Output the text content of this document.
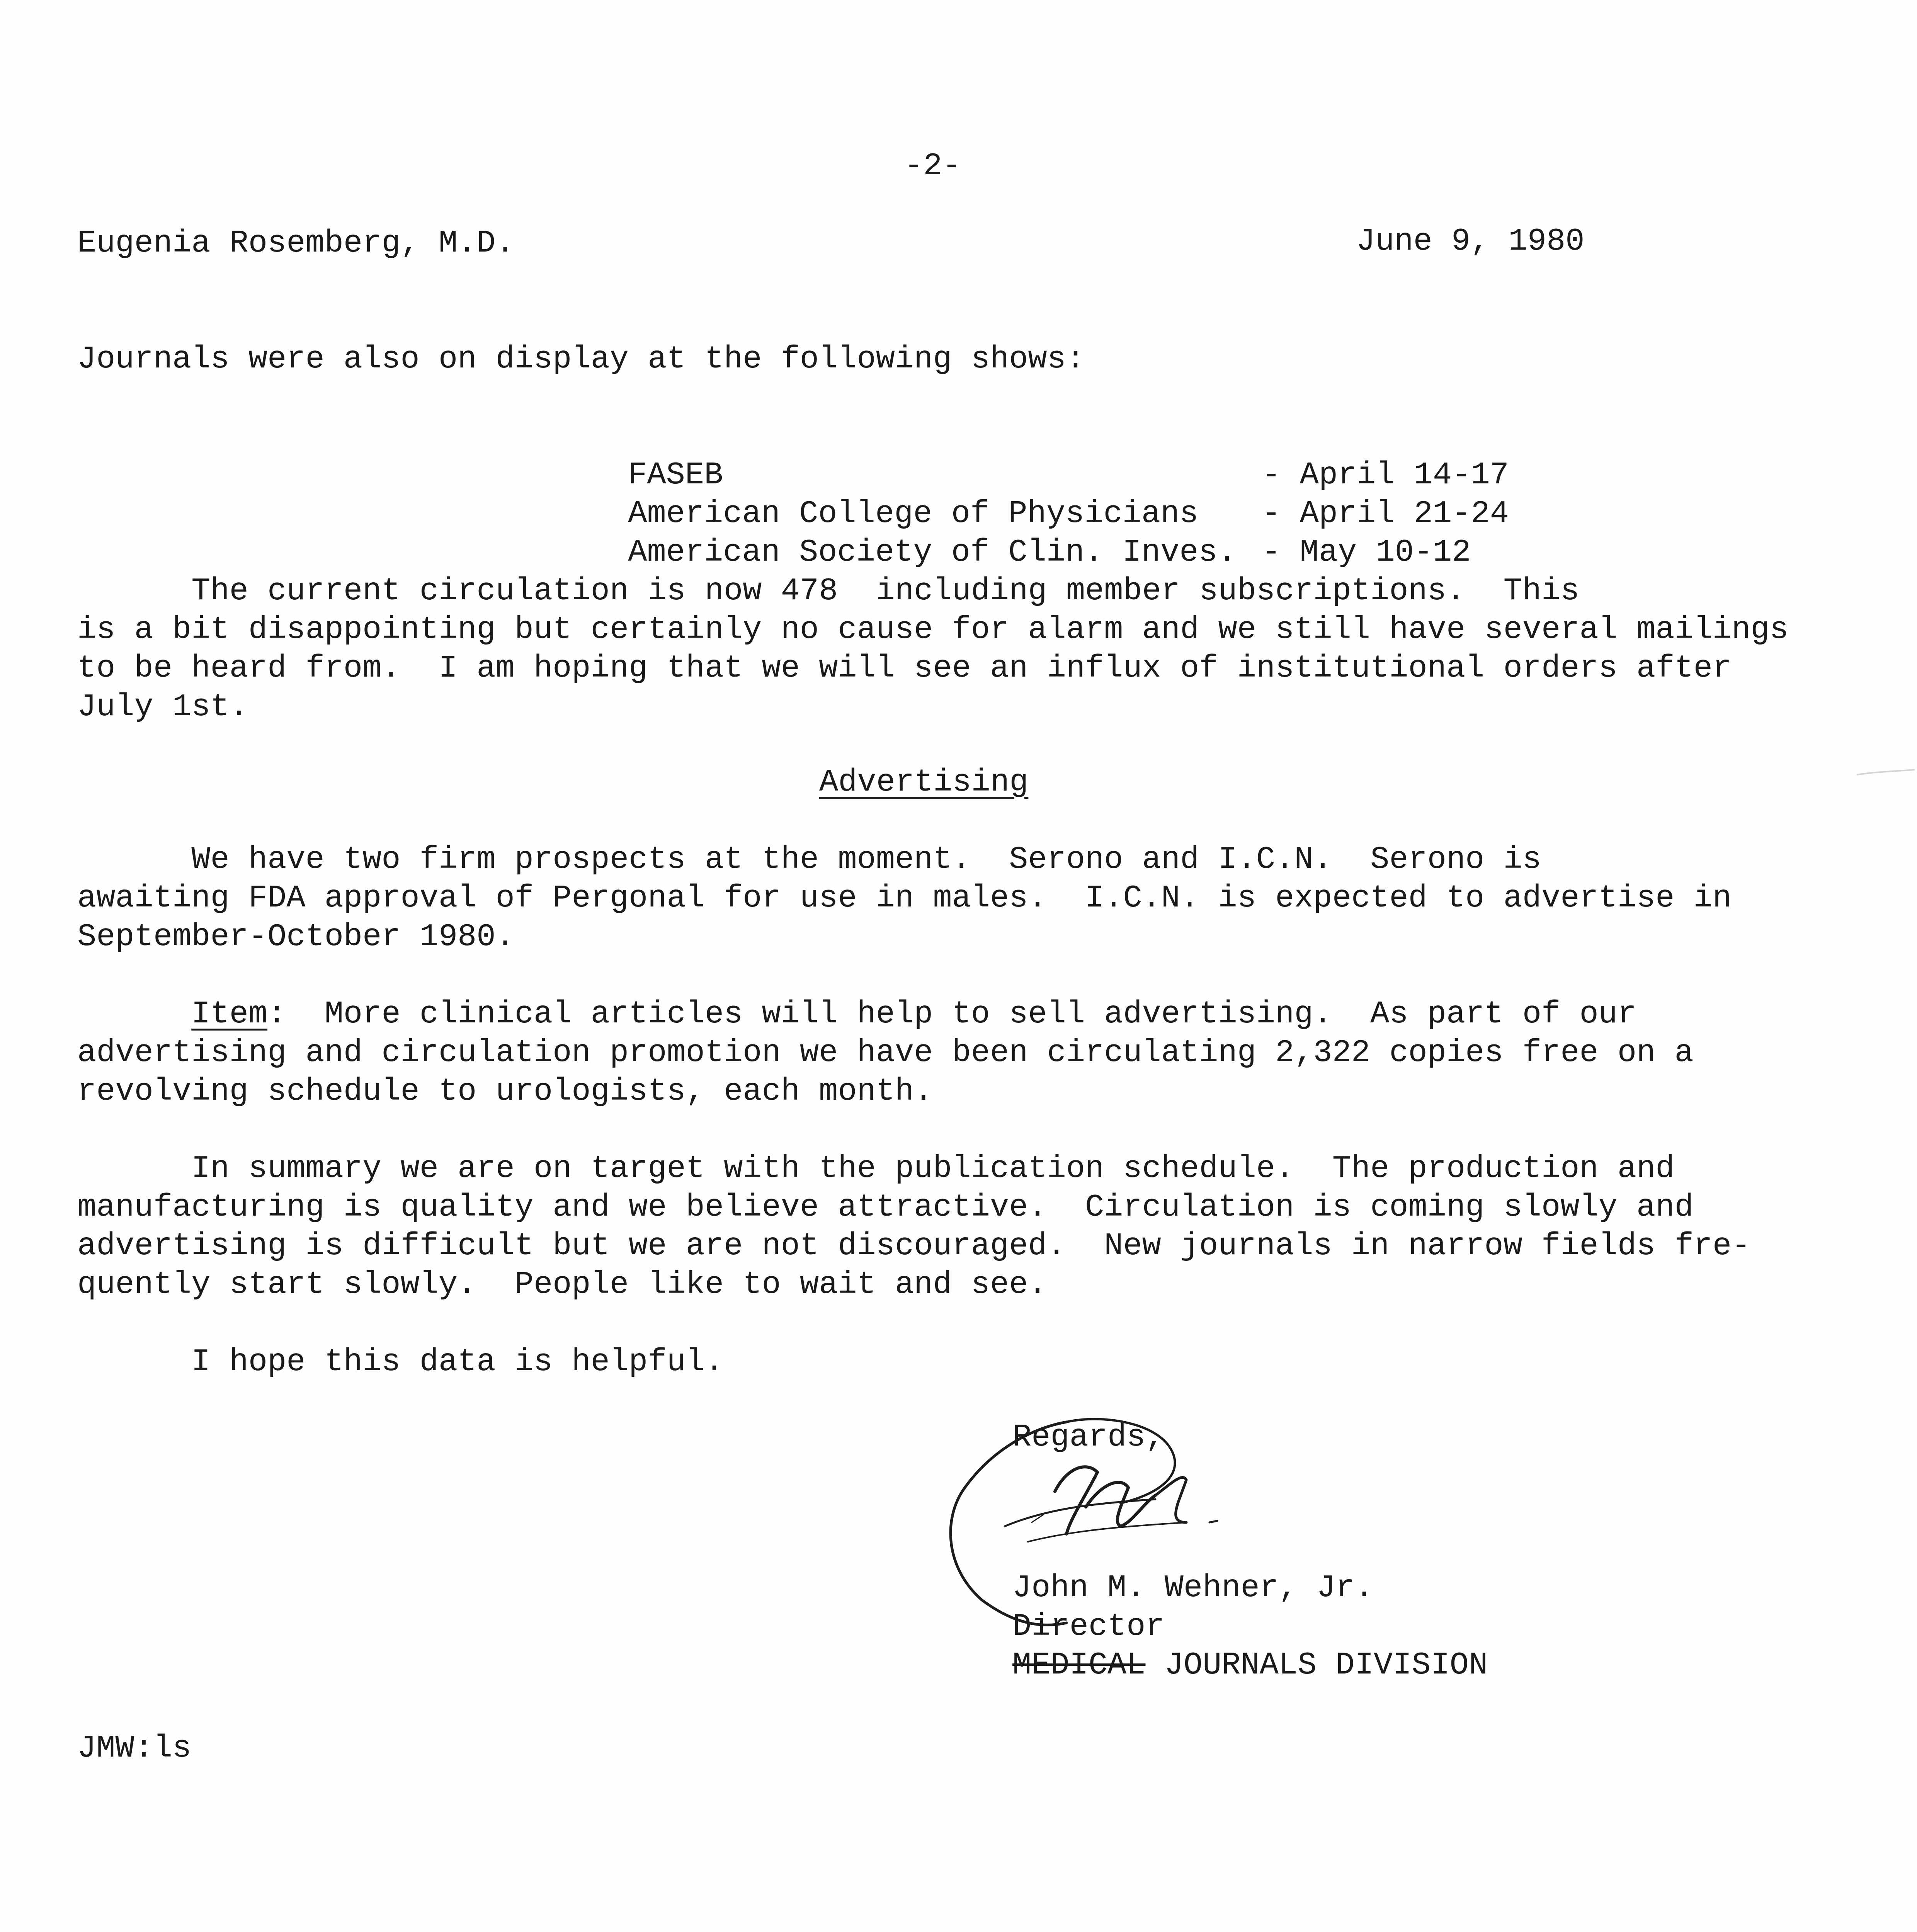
-2-
Eugenia Rosemberg, M.D.	June 9, 1980
Journals were also on display at the following shows:

FASEB	- April 14-17

American College of Physicians - April 21-24

American Society of Clin. Inves. - May 10-12

The current circulation is now 478  including member subscriptions.  This
is a bit disappointing but certainly no cause for alarm and we still have several mailings
to be heard from.  I am hoping that we will see an influx of institutional orders after
July 1st.
Advertising
We have two firm prospects at the moment.  Serono and I.C.N.  Serono is
awaiting FDA approval of Pergonal for use in males.  I.C.N. is expected to advertise in
September-October 1980.
Item:  More clinical articles will help to sell advertising.  As part of our
advertising and circulation promotion we have been circulating 2,322 copies free on a
revolving schedule to urologists, each month.
In summary we are on target with the publication schedule.  The production and
manufacturing is quality and we believe attractive.  Circulation is coming slowly and
advertising is difficult but we are not discouraged.  New journals in narrow fields fre-
quently start slowly.  People like to wait and see.
I hope this data is helpful.
Regards,
John M. Wehner, Jr.
Director
MEDICAL JOURNALS DIVISION
JMW:ls
